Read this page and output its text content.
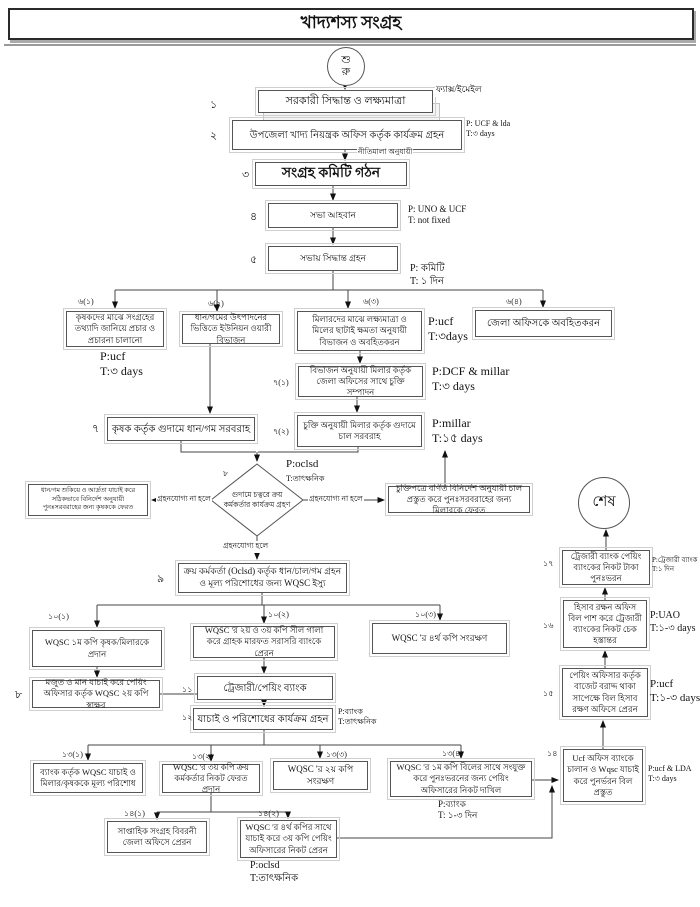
খাদ্যশস্য সংগ্রহ
শু
রু
শেষ
সরকারী সিদ্ধান্ত ও লক্ষ্যমাত্রা
উপজেলা খাদ্য নিয়ন্ত্রক অফিস কর্তৃক কার্যক্রম গ্রহন
সংগ্রহ কমিটি গঠন
সভা আহবান
সভায় সিদ্ধান্ত গ্রহন
কৃষকদের মাঝে সংগ্রহের তথ্যাদি জানিয়ে প্রচার ও প্রচারনা চালানো
ধান/গমের উৎপাদনের ভিত্তিতে ইউনিয়ন ওয়ারী বিভাজন
মিলারদের মাঝে লক্ষ্যমাত্রা ও মিলের ছাটাই ক্ষমতা অনুযায়ী বিভাজন ও অবহিতকরন
জেলা অফিসকে অবহিতকরন
বিভাজন অনুযায়ী মিলার কর্তৃক জেলা অফিসের সাথে চুক্তি সম্পাদন
চুক্তি অনুযায়ী মিলার কর্তৃক গুদামে চাল সরবরাহ
কৃষক কর্তৃক গুদামে ধান/গম সরবরাহ
গুদামে চত্বরে ক্রয় কর্মকর্তার কার্যক্রম গ্রহণ
ধান/গম শুকিয়ে ও আর্দ্রতা যাচাই করে সঠিকভাবে বিনির্দেশ অনুযায়ী পুনঃসরবরাহের জন্য কৃষককে ফেরত
চুক্তিপত্রে বর্ণিত বিনির্দেশ অনুযায়ী চাল প্রস্তুত করে পুনঃসরবরাহের জন্য মিলারকে ফেরত
ক্রয় কর্মকর্তা (Oclsd) কর্তৃক ধান/চাল/গম গ্রহন ও মূল্য পরিশোধের জন্য WQSC ইস্যু
WQSC ১ম কপি কৃষক/মিলারকে প্রদান
WQSC 'র ২য় ও ৩য় কপি সীল গালা করে গ্রাহক মারফত সরাসরি ব্যাংকে প্রেরন
WQSC 'র ৪র্থ কপি সংরক্ষণ
মজুত ও মান যাচাই করে পেয়িং অফিসার কর্তৃক WQSC ২য় কপি স্বাক্ষর
ট্রেজারী/পেয়িং ব্যাংক
যাচাই ও পরিশোধের কার্যক্রম গ্রহন
ব্যাংক কর্তৃক WQSC যাচাই ও মিলার/কৃষককে মূল্য পরিশোধ
WQSC 'র ৩য় কপি ক্রয় কর্মকর্তার নিকট ফেরত প্রদান
WQSC 'র ২য় কপি সংরক্ষণ
WQSC 'র ১ম কপি বিলের সাথে সংযুক্ত করে পুনঃভরনের জন্য পেয়িং অফিসারের নিকট দাখিল
সাপ্তাহিক সংগ্রহ বিবরনী জেলা অফিসে প্রেরন
WQSC 'র ৪র্থ কপির সাথে যাচাই করে ৩য় কপি পেয়িং অফিসারের নিকট প্রেরন
Ucf অফিস ব্যাংকে চালান ও Wqsc যাচাই করে পুনর্ভরন বিল প্রস্তুত
পেয়িং অফিসার কর্তৃক বাজেট বরাদ্দ থাকা সাপেক্ষে বিল হিসাব রক্ষণ অফিসে প্রেরন
হিসাব রক্ষন অফিস বিল পাশ করে ট্রেজারী ব্যাংকের নিকট চেক হস্তান্তর
ট্রেজারী ব্যাংক পেয়িং ব্যাংকের নিকট টাকা পুনঃভরন
১
২
৩
৪
৫
৬(১)	৬(২)	৬(৩)	৬(৪)
৭(১)
৭(২)
৭
৮
৯
১০(১)	১০(২)	১০(৩)
৮	১১
১২
১৩(১)	১৩(২)	১৩(৩)	১৩(৪)
১৪(১)	১৪(২)
১৪
১৫
১৬
১৭
P: UCF & lda
T:৩ days
P: UNO & UCF
T: not fixed
P: কমিটি
T: ১ দিন
P:ucf
T:৩ days
P:ucf
T:৩days
P:DCF & millar
T:৩ days
P:millar
T:১৫ days
P:oclsd
T:তাৎক্ষনিক
P:ব্যাংক
T:তাৎক্ষনিক
P:ব্যাংক
T: ১-৩ দিন
P:oclsd
T:তাৎক্ষনিক
P:ucf & LDA
T:৩ days
P:ucf
T:১-৩ days
P:UAO
T:১-৩ days
P:ট্রেজারী ব্যাংক
T:১ দিন
ফ্যাক্স/ইমেইল
নীতিমালা অনুযায়ী
গ্রহনযোগ্য না হলে	গ্রহনযোগ্য না হলে
গ্রহনযোগ্য হলে
